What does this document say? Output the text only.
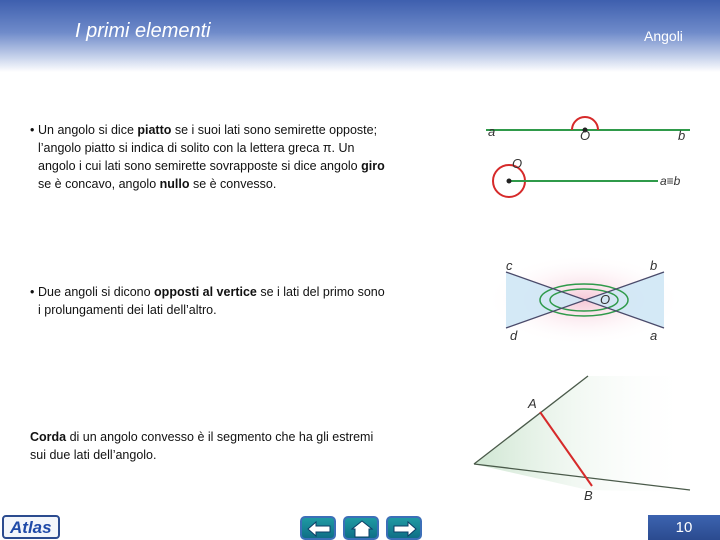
I primi elementi	Angoli
• Un angolo si dice piatto se i suoi lati sono semirette opposte;
l’angolo piatto si indica di solito con la lettera greca π. Un
angolo i cui lati sono semirette sovrapposte si dice angolo giro
se è concavo, angolo nullo se è convesso.
• Due angoli si dicono opposti al vertice se i lati del primo sono
i prolungamenti dei lati dell’altro.
Corda di un angolo convesso è il segmento che ha gli estremi
sui due lati dell’angolo.
a	O	b
O
a≡b
c	b
O
d	a
A
B
Atlas	10
